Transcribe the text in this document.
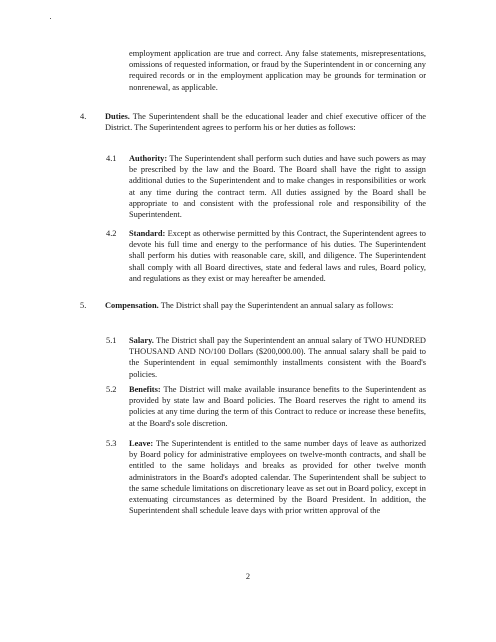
employment application are true and correct. Any false statements, misrepresentations, omissions of requested information, or fraud by the Superintendent in or concerning any required records or in the employment application may be grounds for termination or nonrenewal, as applicable.
4. Duties. The Superintendent shall be the educational leader and chief executive officer of the District. The Superintendent agrees to perform his or her duties as follows:
4.1 Authority: The Superintendent shall perform such duties and have such powers as may be prescribed by the law and the Board. The Board shall have the right to assign additional duties to the Superintendent and to make changes in responsibilities or work at any time during the contract term. All duties assigned by the Board shall be appropriate to and consistent with the professional role and responsibility of the Superintendent.
4.2 Standard: Except as otherwise permitted by this Contract, the Superintendent agrees to devote his full time and energy to the performance of his duties. The Superintendent shall perform his duties with reasonable care, skill, and diligence. The Superintendent shall comply with all Board directives, state and federal laws and rules, Board policy, and regulations as they exist or may hereafter be amended.
5. Compensation. The District shall pay the Superintendent an annual salary as follows:
5.1 Salary. The District shall pay the Superintendent an annual salary of TWO HUNDRED THOUSAND AND NO/100 Dollars ($200,000.00). The annual salary shall be paid to the Superintendent in equal semimonthly installments consistent with the Board's policies.
5.2 Benefits: The District will make available insurance benefits to the Superintendent as provided by state law and Board policies. The Board reserves the right to amend its policies at any time during the term of this Contract to reduce or increase these benefits, at the Board's sole discretion.
5.3 Leave: The Superintendent is entitled to the same number days of leave as authorized by Board policy for administrative employees on twelve-month contracts, and shall be entitled to the same holidays and breaks as provided for other twelve month administrators in the Board's adopted calendar. The Superintendent shall be subject to the same schedule limitations on discretionary leave as set out in Board policy, except in extenuating circumstances as determined by the Board President. In addition, the Superintendent shall schedule leave days with prior written approval of the
2
